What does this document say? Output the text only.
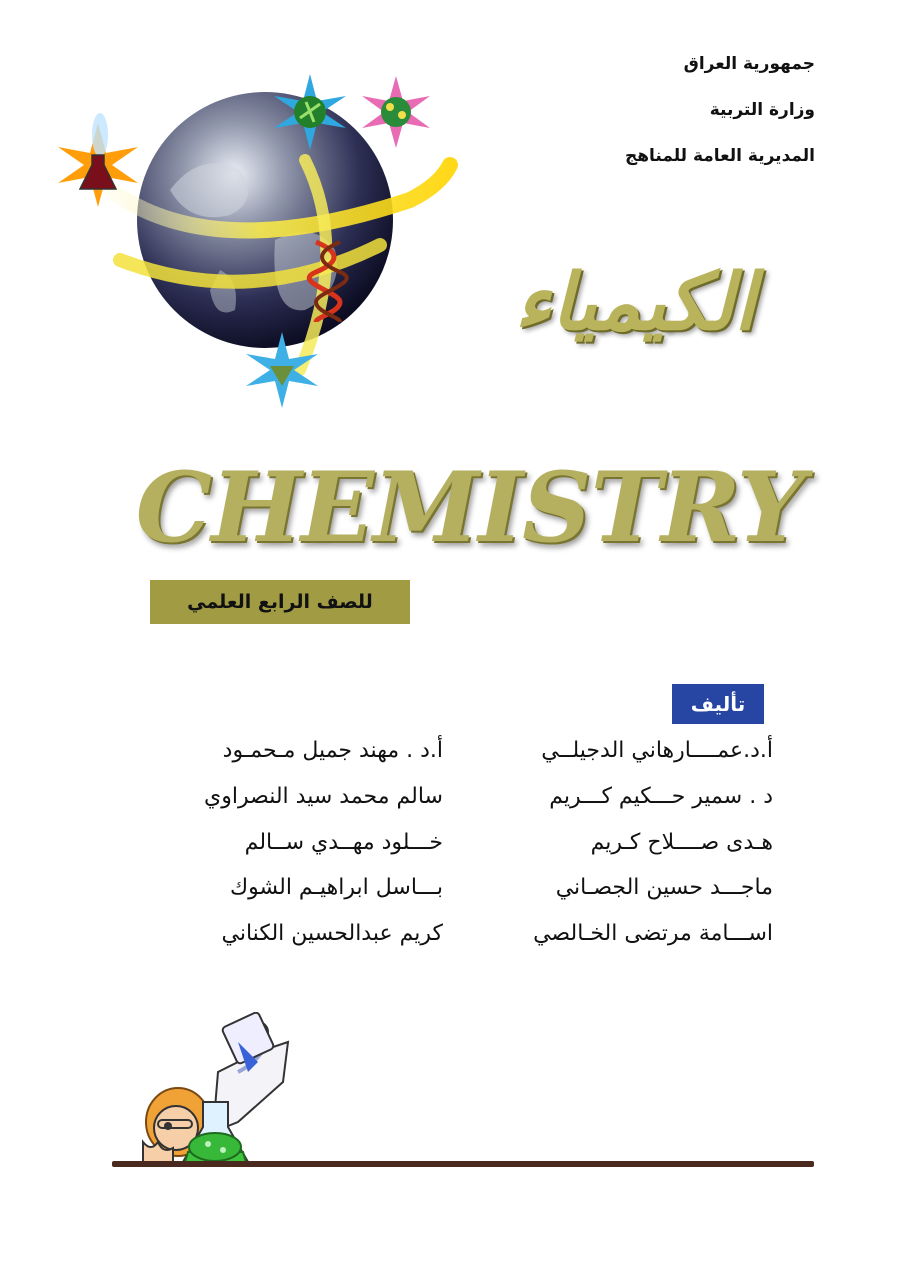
جمهورية العراق
وزارة التربية
المديرية العامة للمناهج
الكيمياء
CHEMISTRY
للصف الرابع العلمي
تأليف
أ.د.عمــــارهاني الدجيلــي
د . سمير حـــكيم كـــريم
هـدى صــــلاح كـريم
ماجـــد حسين الجصـاني
اســـامة مرتضى الخـالصي
أ.د . مهند جميل مـحمـود
سالم محمد سيد النصراوي
خـــلود مهــدي ســالم
بـــاسل ابراهيـم الشوك
كريم عبدالحسين الكناني
